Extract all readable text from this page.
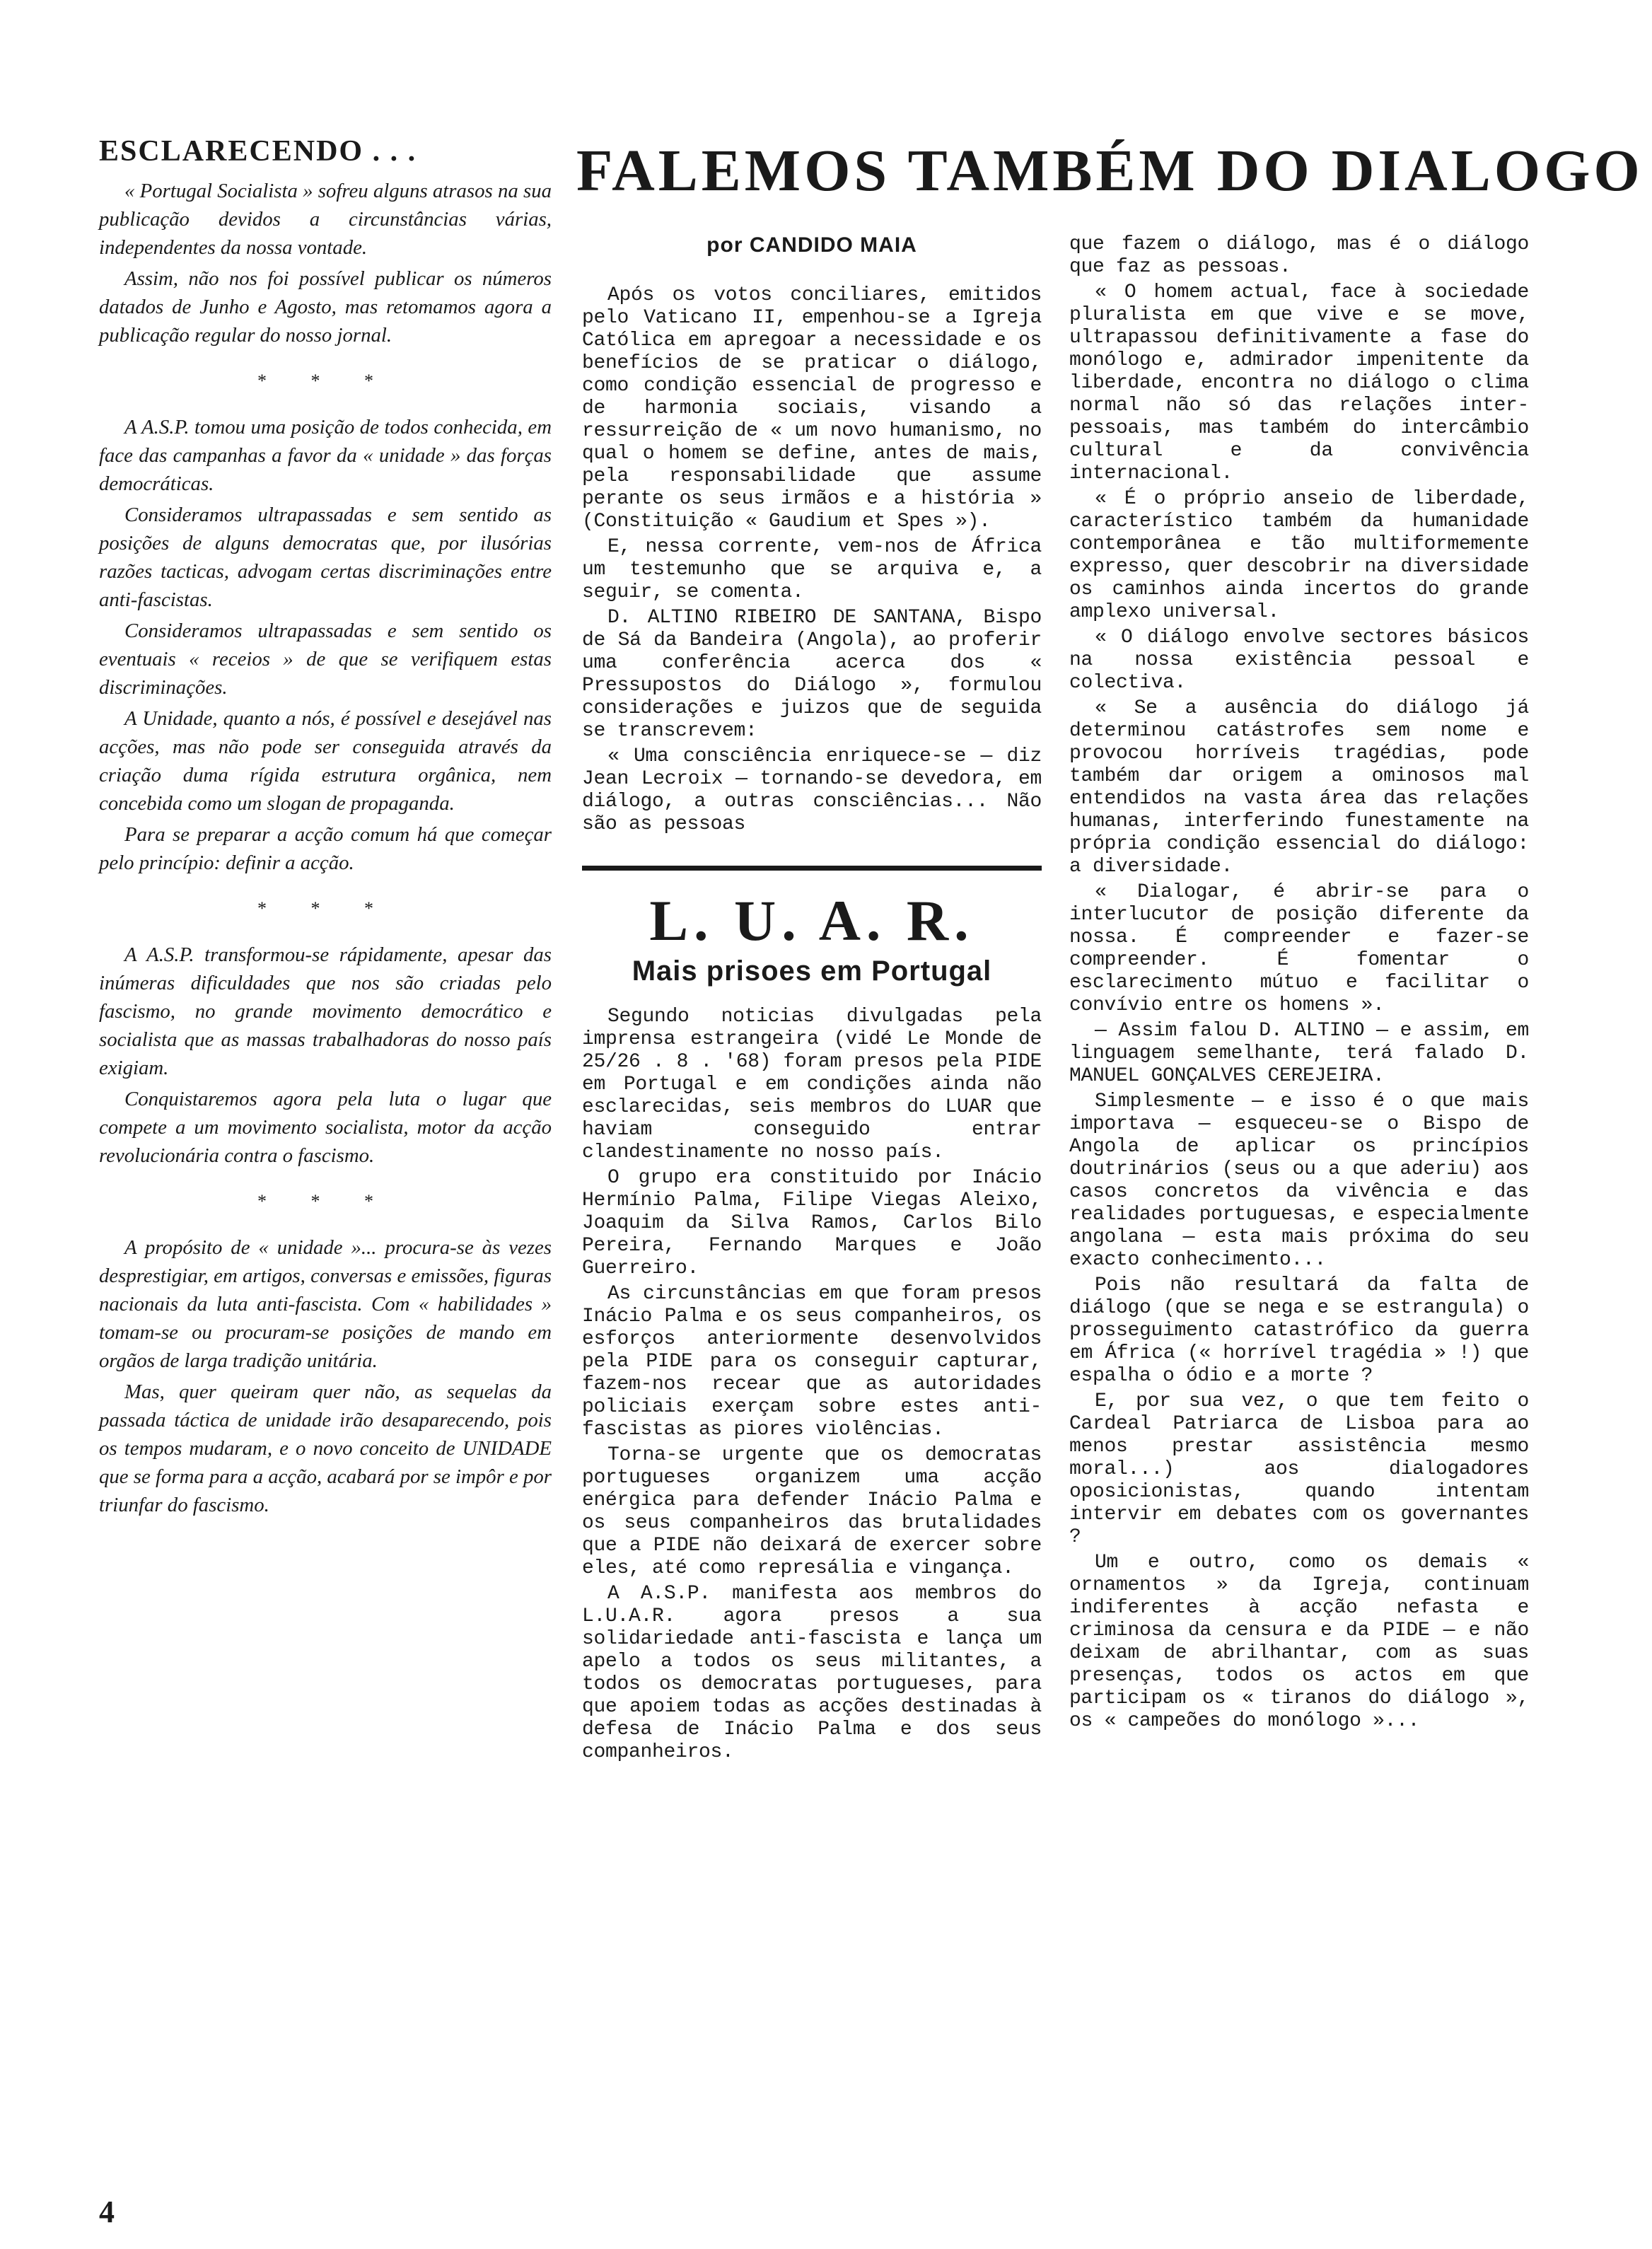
ESCLARECENDO . . .

« Portugal Socialista » sofreu alguns atrasos na sua publicação devidos a circunstâncias várias, independentes da nossa vontade.

Assim, não nos foi possível publicar os números datados de Junho e Agosto, mas retomamos agora a publicação regular do nosso jornal.

* * *

A A.S.P. tomou uma posição de todos conhecida, em face das campanhas a favor da « unidade » das forças democráticas.

Consideramos ultrapassadas e sem sentido as posições de alguns democratas que, por ilusórias razões tacticas, advogam certas discriminações entre anti-fascistas.

Consideramos ultrapassadas e sem sentido os eventuais « receios » de que se verifiquem estas discriminações.

A Unidade, quanto a nós, é possível e desejável nas acções, mas não pode ser conseguida através da criação duma rígida estrutura orgânica, nem concebida como um slogan de propaganda.

Para se preparar a acção comum há que começar pelo princípio: definir a acção.

* * *

A A.S.P. transformou-se rápidamente, apesar das inúmeras dificuldades que nos são criadas pelo fascismo, no grande movimento democrático e socialista que as massas trabalhadoras do nosso país exigiam.

Conquistaremos agora pela luta o lugar que compete a um movimento socialista, motor da acção revolucionária contra o fascismo.

* * *

A propósito de « unidade »... procura-se às vezes desprestigiar, em artigos, conversas e emissões, figuras nacionais da luta anti-fascista. Com « habilidades » tomam-se ou procuram-se posições de mando em orgãos de larga tradição unitária.

Mas, quer queiram quer não, as sequelas da passada táctica de unidade irão desaparecendo, pois os tempos mudaram, e o novo conceito de UNIDADE que se forma para a acção, acabará por se impôr e por triunfar do fascismo.

FALEMOS TAMBÉM DO DIALOGO
por CANDIDO MAIA

Após os votos conciliares, emitidos pelo Vaticano II, empenhou-se a Igreja Católica em apregoar a necessidade e os benefícios de se praticar o diálogo, como condição essencial de progresso e de harmonia sociais, visando a ressurreição de « um novo humanismo, no qual o homem se define, antes de mais, pela responsabilidade que assume perante os seus irmãos e a história » (Constituição « Gaudium et Spes »).

E, nessa corrente, vem-nos de África um testemunho que se arquiva e, a seguir, se comenta.

D. ALTINO RIBEIRO DE SANTANA, Bispo de Sá da Bandeira (Angola), ao proferir uma conferência acerca dos « Pressupostos do Diálogo », formulou considerações e juizos que de seguida se transcrevem:

« Uma consciência enriquece-se — diz Jean Lecroix — tornando-se devedora, em diálogo, a outras consciências... Não são as pessoas

L. U. A. R.
Mais prisoes em Portugal

Segundo noticias divulgadas pela imprensa estrangeira (vidé Le Monde de 25/26 . 8 . '68) foram presos pela PIDE em Portugal e em condições ainda não esclarecidas, seis membros do LUAR que haviam conseguido entrar clandestinamente no nosso país.

O grupo era constituido por Inácio Hermínio Palma, Filipe Viegas Aleixo, Joaquim da Silva Ramos, Carlos Bilo Pereira, Fernando Marques e João Guerreiro.

As circunstâncias em que foram presos Inácio Palma e os seus companheiros, os esforços anteriormente desenvolvidos pela PIDE para os conseguir capturar, fazem-nos recear que as autoridades policiais exerçam sobre estes anti-fascistas as piores violências.

Torna-se urgente que os democratas portugueses organizem uma acção enérgica para defender Inácio Palma e os seus companheiros das brutalidades que a PIDE não deixará de exercer sobre eles, até como represália e vingança.

A A.S.P. manifesta aos membros do L.U.A.R. agora presos a sua solidariedade anti-fascista e lança um apelo a todos os seus militantes, a todos os democratas portugueses, para que apoiem todas as acções destinadas à defesa de Inácio Palma e dos seus companheiros.

que fazem o diálogo, mas é o diálogo que faz as pessoas.

« O homem actual, face à sociedade pluralista em que vive e se move, ultrapassou definitivamente a fase do monólogo e, admirador impenitente da liberdade, encontra no diálogo o clima normal não só das relações inter-pessoais, mas também do intercâmbio cultural e da convivência internacional.

« É o próprio anseio de liberdade, característico também da humanidade contemporânea e tão multiformemente expresso, quer descobrir na diversidade os caminhos ainda incertos do grande amplexo universal.

« O diálogo envolve sectores básicos na nossa existência pessoal e colectiva.

« Se a ausência do diálogo já determinou catástrofes sem nome e provocou horríveis tragédias, pode também dar origem a ominosos mal entendidos na vasta área das relações humanas, interferindo funestamente na própria condição essencial do diálogo: a diversidade.

« Dialogar, é abrir-se para o interlucutor de posição diferente da nossa. É compreender e fazer-se compreender. É fomentar o esclarecimento mútuo e facilitar o convívio entre os homens ».

— Assim falou D. ALTINO — e assim, em linguagem semelhante, terá falado D. MANUEL GONÇALVES CEREJEIRA.

Simplesmente — e isso é o que mais importava — esqueceu-se o Bispo de Angola de aplicar os princípios doutrinários (seus ou a que aderiu) aos casos concretos da vivência e das realidades portuguesas, e especialmente angolana — esta mais próxima do seu exacto conhecimento...

Pois não resultará da falta de diálogo (que se nega e se estrangula) o prosseguimento catastrófico da guerra em África (« horrível tragédia » !) que espalha o ódio e a morte ?

E, por sua vez, o que tem feito o Cardeal Patriarca de Lisboa para ao menos prestar assistência mesmo moral...) aos dialogadores oposicionistas, quando intentam intervir em debates com os governantes ?

Um e outro, como os demais « ornamentos » da Igreja, continuam indiferentes à acção nefasta e criminosa da censura e da PIDE — e não deixam de abrilhantar, com as suas presenças, todos os actos em que participam os « tiranos do diálogo », os « campeões do monólogo »...

4
